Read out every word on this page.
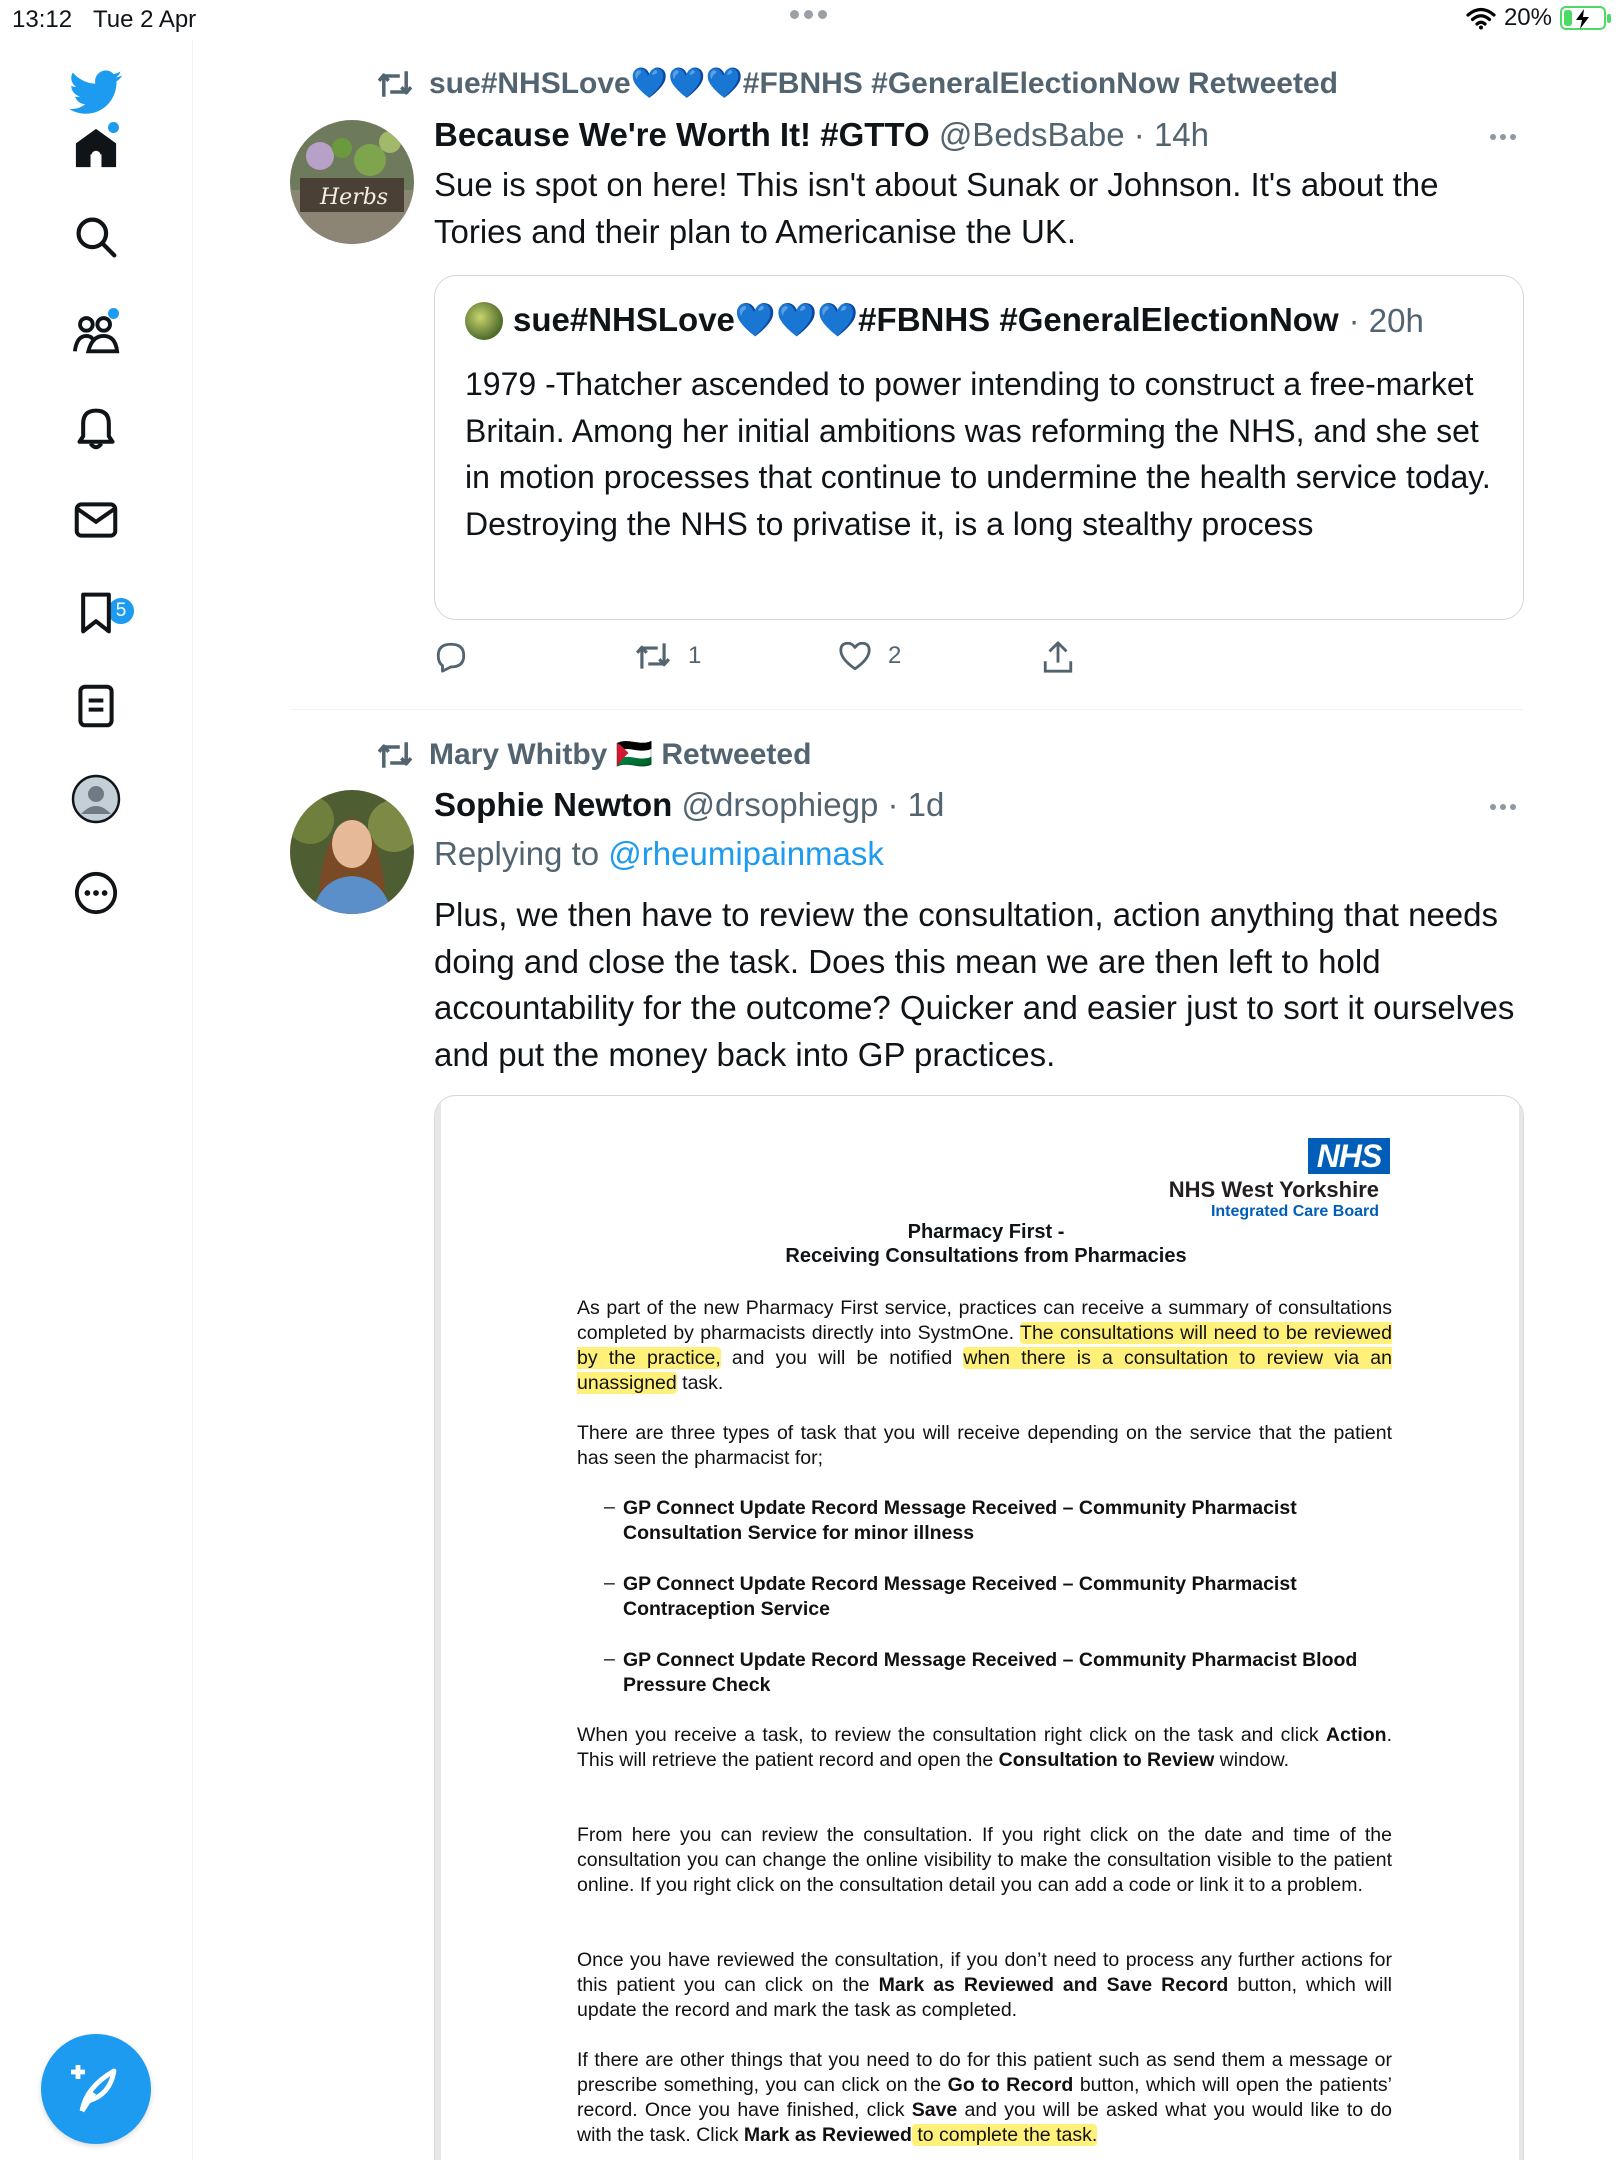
13:12 Tue 2 Apr	20%
5
sue#NHSLove💙💙💙#FBNHS #GeneralElectionNow Retweeted
Herbs
Because We're Worth It! #GTTO @BedsBabe · 14h
Sue is spot on here! This isn't about Sunak or Johnson. It's about the Tories and their plan to Americanise the UK.
sue#NHSLove💙💙💙#FBNHS #GeneralElectionNow · 20h
1979 -Thatcher ascended to power intending to construct a free-market Britain. Among her initial ambitions was reforming the NHS, and she set in motion processes that continue to undermine the health service today. Destroying the NHS to privatise it, is a long stealthy process
1	2
Mary Whitby 🇵🇸 Retweeted
Sophie Newton @drsophiegp · 1d
Replying to @rheumipainmask
Plus, we then have to review the consultation, action anything that needs doing and close the task. Does this mean we are then left to hold accountability for the outcome? Quicker and easier just to sort it ourselves and put the money back into GP practices.
NHS
NHS West Yorkshire
Integrated Care Board
Pharmacy First -
Receiving Consultations from Pharmacies
As part of the new Pharmacy First service, practices can receive a summary of consultations completed by pharmacists directly into SystmOne. The consultations will need to be reviewed by the practice, and you will be notified when there is a consultation to review via an unassigned task.
There are three types of task that you will receive depending on the service that the patient has seen the pharmacist for;
– GP Connect Update Record Message Received – Community Pharmacist Consultation Service for minor illness
– GP Connect Update Record Message Received – Community Pharmacist Contraception Service
– GP Connect Update Record Message Received – Community Pharmacist Blood Pressure Check
When you receive a task, to review the consultation right click on the task and click Action. This will retrieve the patient record and open the Consultation to Review window.
From here you can review the consultation. If you right click on the date and time of the consultation you can change the online visibility to make the consultation visible to the patient online. If you right click on the consultation detail you can add a code or link it to a problem.
Once you have reviewed the consultation, if you don’t need to process any further actions for this patient you can click on the Mark as Reviewed and Save Record button, which will update the record and mark the task as completed.
If there are other things that you need to do for this patient such as send them a message or prescribe something, you can click on the Go to Record button, which will open the patients’ record. Once you have finished, click Save and you will be asked what you would like to do with the task. Click Mark as Reviewed to complete the task.
